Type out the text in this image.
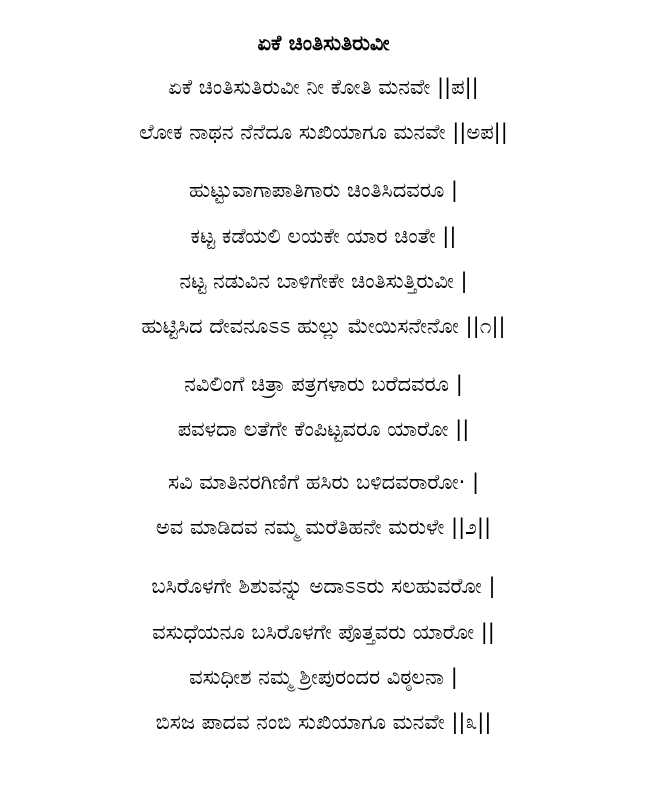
ಏಕೆ ಚಿಂತಿಸುತಿರುವೀ
ಏಕೆ ಚಿಂತಿಸುತಿರುವೀ ನೀ ಕೋತಿ ಮನವೇ ||ಪ||
ಲೋಕ ನಾಥನ ನೆನೆದೂ ಸುಖಿಯಾಗೂ ಮನವೇ ||ಅಪ||
ಹುಟ್ಟುವಾಗಾಪಾತಿಗಾರು ಚಿಂತಿಸಿದವರೂ |
ಕಟ್ಟ ಕಡೆಯಲಿ ಲಯಕೇ ಯಾರ ಚಿಂತೇ ||
ನಟ್ಟ ನಡುವಿನ ಬಾಳಿಗೇಕೇ ಚಿಂತಿಸುತ್ತಿರುವೀ |
ಹುಟ್ಟಿಸಿದ ದೇವನೂಽಽ ಹುಲ್ಲು ಮೇಯಿಸನೇನೋ ||೧||
ನವಿಲಿಂಗೆ ಚಿತ್ರಾ ಪತ್ರಗಳಾರು ಬರೆದವರೂ |
ಪವಳದಾ ಲತೆಗೇ ಕೆಂಪಿಟ್ಟವರೂ ಯಾರೋ ||
ಸವಿ ಮಾತಿನರಗಿಣಿಗೆ ಹಸಿರು ಬಳಿದವರಾರೋ· |
ಅವ ಮಾಡಿದವ ನಮ್ಮ ಮರೆತಿಹನೇ ಮರುಳೇ ||೨||
ಬಸಿರೊಳಗೇ ಶಿಶುವನ್ನು ಅದಾಽಽರು ಸಲಹುವರೋ |
ವಸುಧೆಯನೂ ಬಸಿರೊಳಗೇ ಪೊತ್ತವರು ಯಾರೋ ||
ವಸುಧೀಶ ನಮ್ಮ ಶ್ರೀಪುರಂದರ ವಿಠ್ಠಲನಾ |
ಬಿಸಜ ಪಾದವ ನಂಬಿ ಸುಖಿಯಾಗೂ ಮನವೇ ||೩||
